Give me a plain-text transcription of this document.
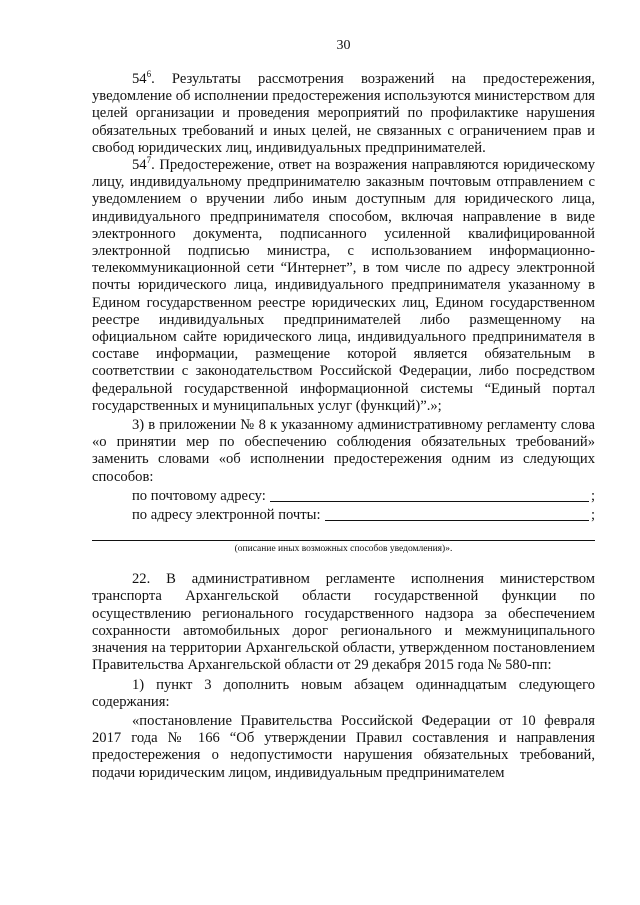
30

$54^6$. Результаты рассмотрения возражений на предостережения, уведомление об исполнении предостережения используются министерством для целей организации и проведения мероприятий по профилактике нарушения обязательных требований и иных целей, не связанных с ограничением прав и свобод юридических лиц, индивидуальных предпринимателей.

$54^7$. Предостережение, ответ на возражения направляются юридическому лицу, индивидуальному предпринимателю заказным почтовым отправлением с уведомлением о вручении либо иным доступным для юридического лица, индивидуального предпринимателя способом, включая направление в виде электронного документа, подписанного усиленной квалифицированной электронной подписью министра, с использованием информационно-телекоммуникационной сети “Интернет”, в том числе по адресу электронной почты юридического лица, индивидуального предпринимателя указанному в Едином государственном реестре юридических лиц, Едином государственном реестре индивидуальных предпринимателей либо размещенному на официальном сайте юридического лица, индивидуального предпринимателя в составе информации, размещение которой является обязательным в соответствии с законодательством Российской Федерации, либо посредством федеральной государственной информационной системы “Единый портал государственных и муниципальных услуг (функций)”.»;

3) в приложении № 8 к указанному административному регламенту слова «о принятии мер по обеспечению соблюдения обязательных требований» заменить словами «об исполнении предостережения одним из следующих способов:

по почтовому адресу:	;
по адресу электронной почты:	;
(описание иных возможных способов уведомления)».

22. В административном регламенте исполнения министерством транспорта Архангельской области государственной функции по осуществлению регионального государственного надзора за обеспечением сохранности автомобильных дорог регионального и межмуниципального значения на территории Архангельской области, утвержденном постановлением Правительства Архангельской области от 29 декабря 2015 года № 580-пп:

1) пункт 3 дополнить новым абзацем одиннадцатым следующего содержания:

«постановление Правительства Российской Федерации от 10 февраля 2017 года № 166 “Об утверждении Правил составления и направления предостережения о недопустимости нарушения обязательных требований, подачи юридическим лицом, индивидуальным предпринимателем
